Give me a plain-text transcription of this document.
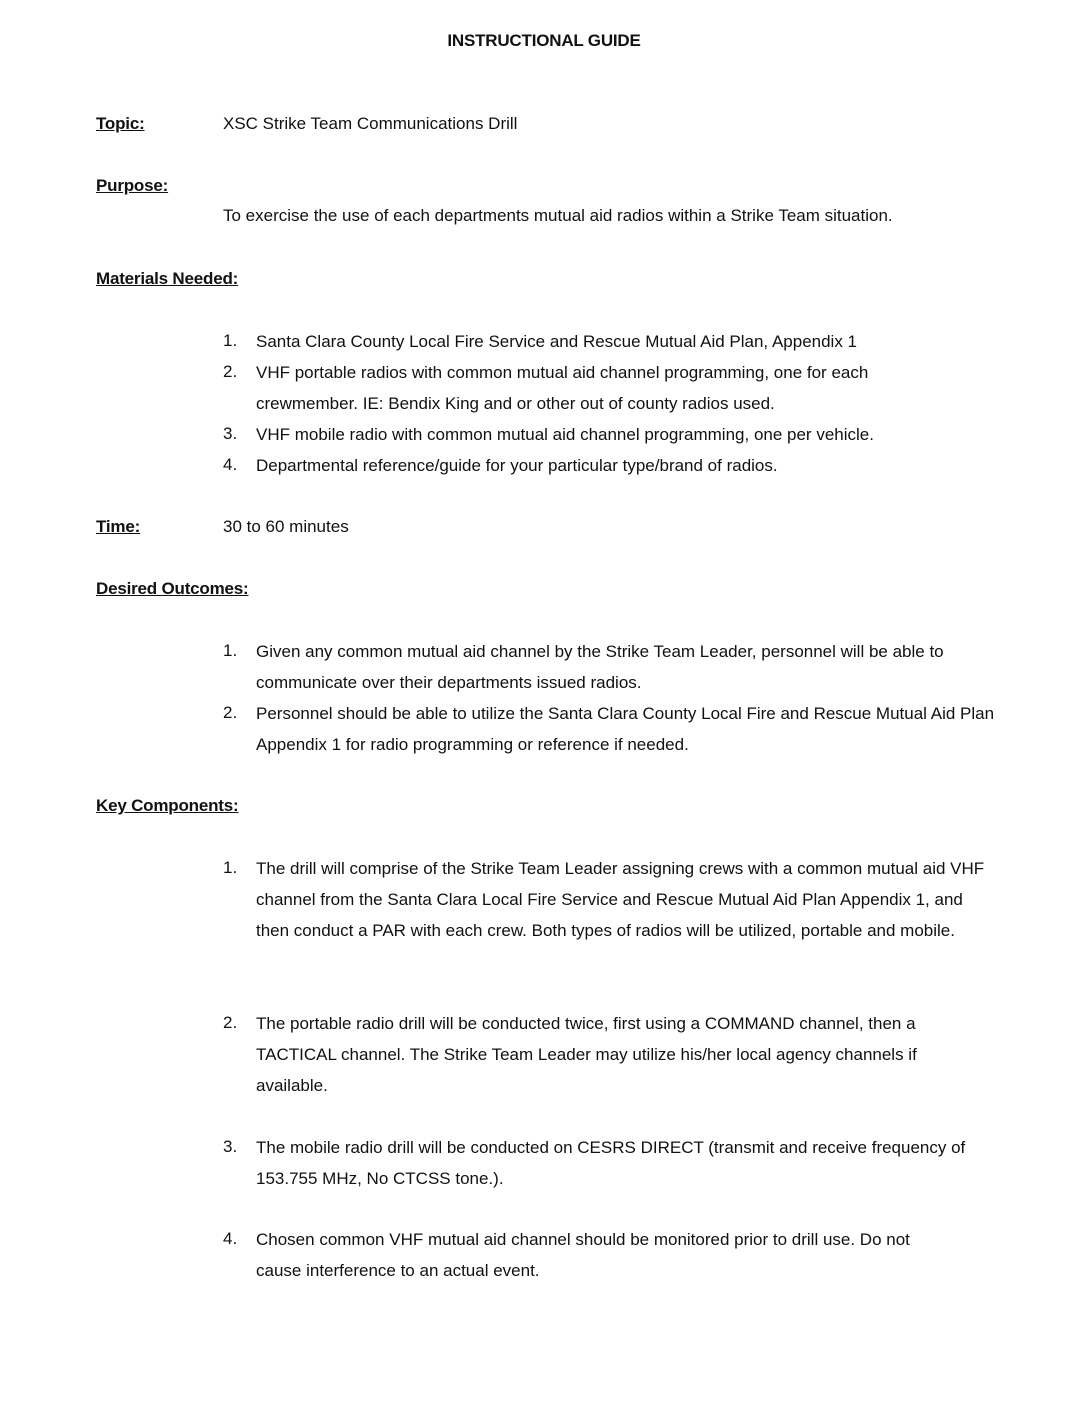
INSTRUCTIONAL GUIDE
Topic:	XSC Strike Team Communications Drill
Purpose:
To exercise the use of each departments mutual aid radios within a Strike Team situation.
Materials Needed:
1. Santa Clara County Local Fire Service and Rescue Mutual Aid Plan, Appendix 1
2. VHF portable radios with common mutual aid channel programming, one for each crewmember. IE: Bendix King and or other out of county radios used.
3. VHF mobile radio with common mutual aid channel programming, one per vehicle.
4. Departmental reference/guide for your particular type/brand of radios.
Time:	30 to 60 minutes
Desired Outcomes:
1. Given any common mutual aid channel by the Strike Team Leader, personnel will be able to communicate over their departments issued radios.
2. Personnel should be able to utilize the Santa Clara County Local Fire and Rescue Mutual Aid Plan Appendix 1 for radio programming or reference if needed.
Key Components:
1. The drill will comprise of the Strike Team Leader assigning crews with a common mutual aid VHF channel from the Santa Clara Local Fire Service and Rescue Mutual Aid Plan Appendix 1, and then conduct a PAR with each crew. Both types of radios will be utilized, portable and mobile.
2. The portable radio drill will be conducted twice, first using a COMMAND channel, then a TACTICAL channel. The Strike Team Leader may utilize his/her local agency channels if available.
3. The mobile radio drill will be conducted on CESRS DIRECT (transmit and receive frequency of 153.755 MHz, No CTCSS tone.).
4. Chosen common VHF mutual aid channel should be monitored prior to drill use. Do not cause interference to an actual event.
